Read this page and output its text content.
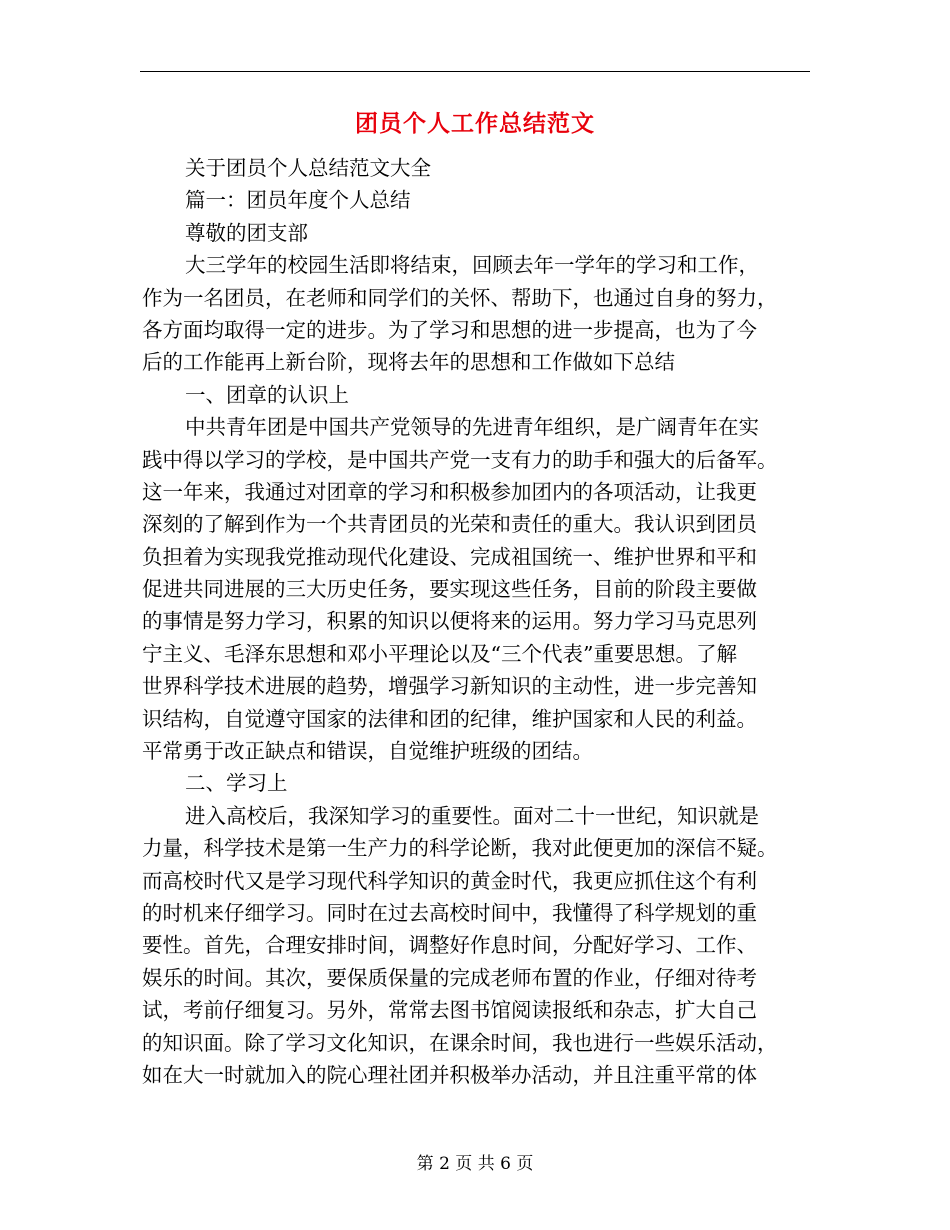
团员个人工作总结范文
关于团员个人总结范文大全
篇一：团员年度个人总结
尊敬的团支部
大三学年的校园生活即将结束，回顾去年一学年的学习和工作，
作为一名团员，在老师和同学们的关怀、帮助下，也通过自身的努力，
各方面均取得一定的进步。为了学习和思想的进一步提高，也为了今
后的工作能再上新台阶，现将去年的思想和工作做如下总结
一、团章的认识上
中共青年团是中国共产党领导的先进青年组织，是广阔青年在实
践中得以学习的学校，是中国共产党一支有力的助手和强大的后备军。
这一年来，我通过对团章的学习和积极参加团内的各项活动，让我更
深刻的了解到作为一个共青团员的光荣和责任的重大。我认识到团员
负担着为实现我党推动现代化建设、完成祖国统一、维护世界和平和
促进共同进展的三大历史任务，要实现这些任务，目前的阶段主要做
的事情是努力学习，积累的知识以便将来的运用。努力学习马克思列
宁主义、毛泽东思想和邓小平理论以及“三个代表”重要思想。了解
世界科学技术进展的趋势，增强学习新知识的主动性，进一步完善知
识结构，自觉遵守国家的法律和团的纪律，维护国家和人民的利益。
平常勇于改正缺点和错误，自觉维护班级的团结。
二、学习上
进入高校后，我深知学习的重要性。面对二十一世纪，知识就是
力量，科学技术是第一生产力的科学论断，我对此便更加的深信不疑。
而高校时代又是学习现代科学知识的黄金时代，我更应抓住这个有利
的时机来仔细学习。同时在过去高校时间中，我懂得了科学规划的重
要性。首先，合理安排时间，调整好作息时间，分配好学习、工作、
娱乐的时间。其次，要保质保量的完成老师布置的作业，仔细对待考
试，考前仔细复习。另外，常常去图书馆阅读报纸和杂志，扩大自己
的知识面。除了学习文化知识，在课余时间，我也进行一些娱乐活动，
如在大一时就加入的院心理社团并积极举办活动，并且注重平常的体
第 2 页 共 6 页
